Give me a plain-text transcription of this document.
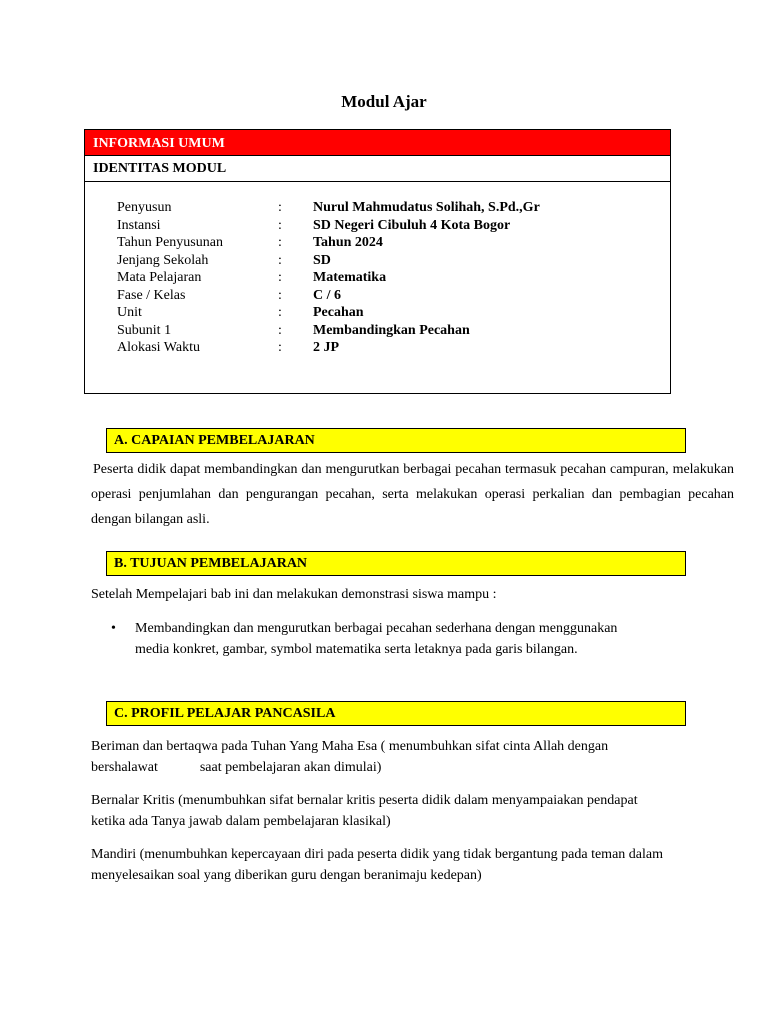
Modul Ajar
INFORMASI UMUM
IDENTITAS MODUL
Penyusun	:	Nurul Mahmudatus Solihah, S.Pd.,Gr
Instansi	:	SD Negeri Cibuluh 4 Kota Bogor
Tahun Penyusunan	:	Tahun 2024
Jenjang Sekolah	:	SD
Mata Pelajaran	:	Matematika
Fase / Kelas	:	C / 6
Unit	:	Pecahan
Subunit 1	:	Membandingkan Pecahan
Alokasi Waktu	:	2 JP
A. CAPAIAN PEMBELAJARAN
Peserta didik dapat membandingkan dan mengurutkan berbagai pecahan termasuk pecahan campuran, melakukan operasi penjumlahan dan pengurangan pecahan, serta melakukan operasi perkalian dan pembagian pecahan dengan bilangan asli.
B. TUJUAN PEMBELAJARAN
Setelah Mempelajari bab ini dan melakukan demonstrasi siswa mampu :
• Membandingkan dan mengurutkan berbagai pecahan sederhana dengan menggunakan media konkret, gambar, symbol matematika serta letaknya pada garis bilangan.
C. PROFIL PELAJAR PANCASILA
Beriman dan bertaqwa pada Tuhan Yang Maha Esa ( menumbuhkan sifat cinta Allah dengan
bershalawat	saat pembelajaran akan dimulai)
Bernalar Kritis (menumbuhkan sifat bernalar kritis peserta didik dalam menyampaiakan pendapat ketika ada Tanya jawab dalam pembelajaran klasikal)
Mandiri (menumbuhkan kepercayaan diri pada peserta didik yang tidak bergantung pada teman dalam menyelesaikan soal yang diberikan guru dengan beranimaju kedepan)
